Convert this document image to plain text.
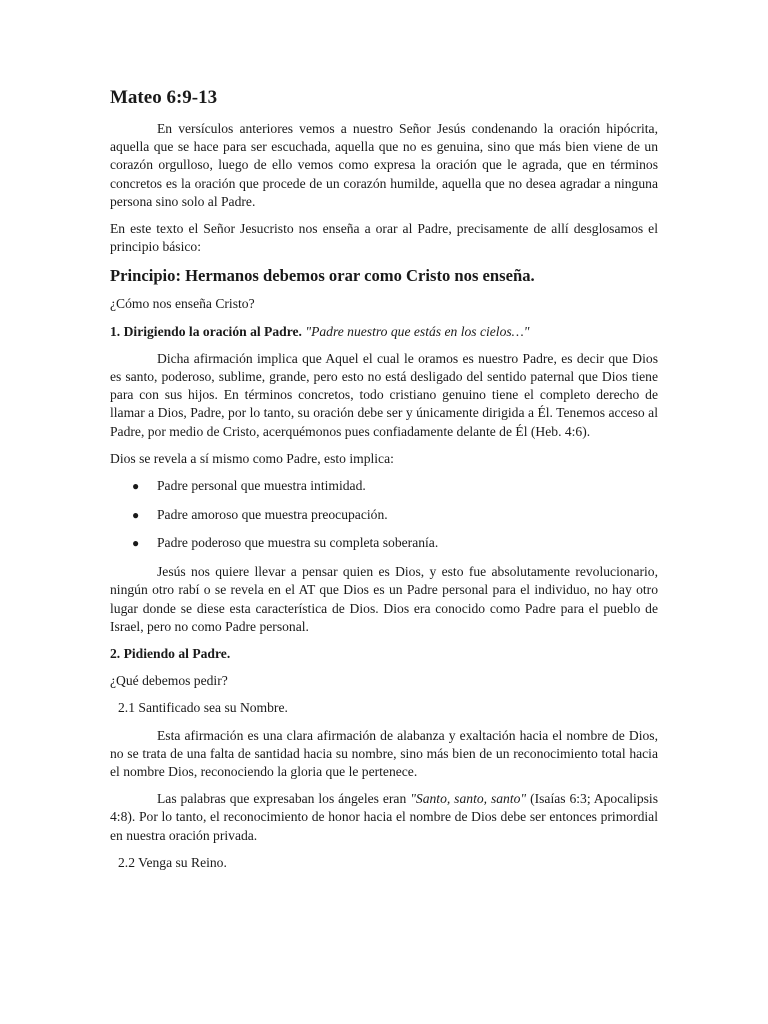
Mateo 6:9-13

En versículos anteriores vemos a nuestro Señor Jesús condenando la oración hipócrita, aquella que se hace para ser escuchada, aquella que no es genuina, sino que más bien viene de un corazón orgulloso, luego de ello vemos como expresa la oración que le agrada, que en términos concretos es la oración que procede de un corazón humilde, aquella que no desea agradar a ninguna persona sino solo al Padre.

En este texto el Señor Jesucristo nos enseña a orar al Padre, precisamente de allí desglosamos el principio básico:

Principio: Hermanos debemos orar como Cristo nos enseña.

¿Cómo nos enseña Cristo?

1. Dirigiendo la oración al Padre. "Padre nuestro que estás en los cielos…"

Dicha afirmación implica que Aquel el cual le oramos es nuestro Padre, es decir que Dios es santo, poderoso, sublime, grande, pero esto no está desligado del sentido paternal que Dios tiene para con sus hijos. En términos concretos, todo cristiano genuino tiene el completo derecho de llamar a Dios, Padre, por lo tanto, su oración debe ser y únicamente dirigida a Él. Tenemos acceso al Padre, por medio de Cristo, acerquémonos pues confiadamente delante de Él (Heb. 4:6).

Dios se revela a sí mismo como Padre, esto implica:

● Padre personal que muestra intimidad.
● Padre amoroso que muestra preocupación.
● Padre poderoso que muestra su completa soberanía.

Jesús nos quiere llevar a pensar quien es Dios, y esto fue absolutamente revolucionario, ningún otro rabí o se revela en el AT que Dios es un Padre personal para el individuo, no hay otro lugar donde se diese esta característica de Dios. Dios era conocido como Padre para el pueblo de Israel, pero no como Padre personal.

2. Pidiendo al Padre.

¿Qué debemos pedir?

2.1 Santificado sea su Nombre.

Esta afirmación es una clara afirmación de alabanza y exaltación hacia el nombre de Dios, no se trata de una falta de santidad hacia su nombre, sino más bien de un reconocimiento total hacia el nombre Dios, reconociendo la gloria que le pertenece.

Las palabras que expresaban los ángeles eran "Santo, santo, santo" (Isaías 6:3; Apocalipsis 4:8). Por lo tanto, el reconocimiento de honor hacia el nombre de Dios debe ser entonces primordial en nuestra oración privada.

2.2 Venga su Reino.
